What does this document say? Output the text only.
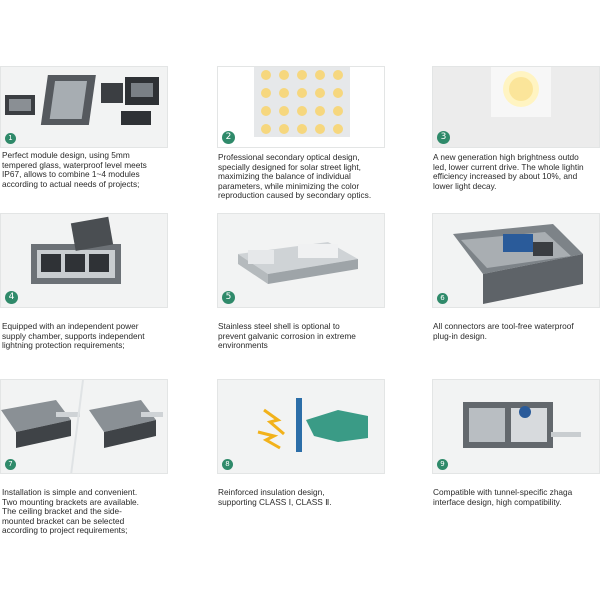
1
Perfect module design, using 5mm
tempered glass, waterproof level meets
IP67, allows to combine 1~4 modules
according to actual needs of projects;
2
Professional secondary optical design,
specially designed for solar street light,
maximizing the balance of individual
parameters, while minimizing the color
reproduction caused by secondary optics.
3
A new generation high brightness outdo
led, lower current drive. The whole lightin
efficiency increased by about 10%, and
lower light decay.
4
Equipped with an independent power
supply chamber, supports independent
lightning protection requirements;
5
Stainless steel shell is optional to
prevent galvanic corrosion in extreme
environments
6
All connectors are tool-free waterproof
plug-in design.
7
Installation is simple and convenient.
Two mounting brackets are available.
The ceiling bracket and the side-
mounted bracket can be selected
according to project requirements;
8
Reinforced insulation design,
supporting CLASS Ⅰ, CLASS Ⅱ.
9
Compatible with tunnel-specific zhaga
interface design, high compatibility.
